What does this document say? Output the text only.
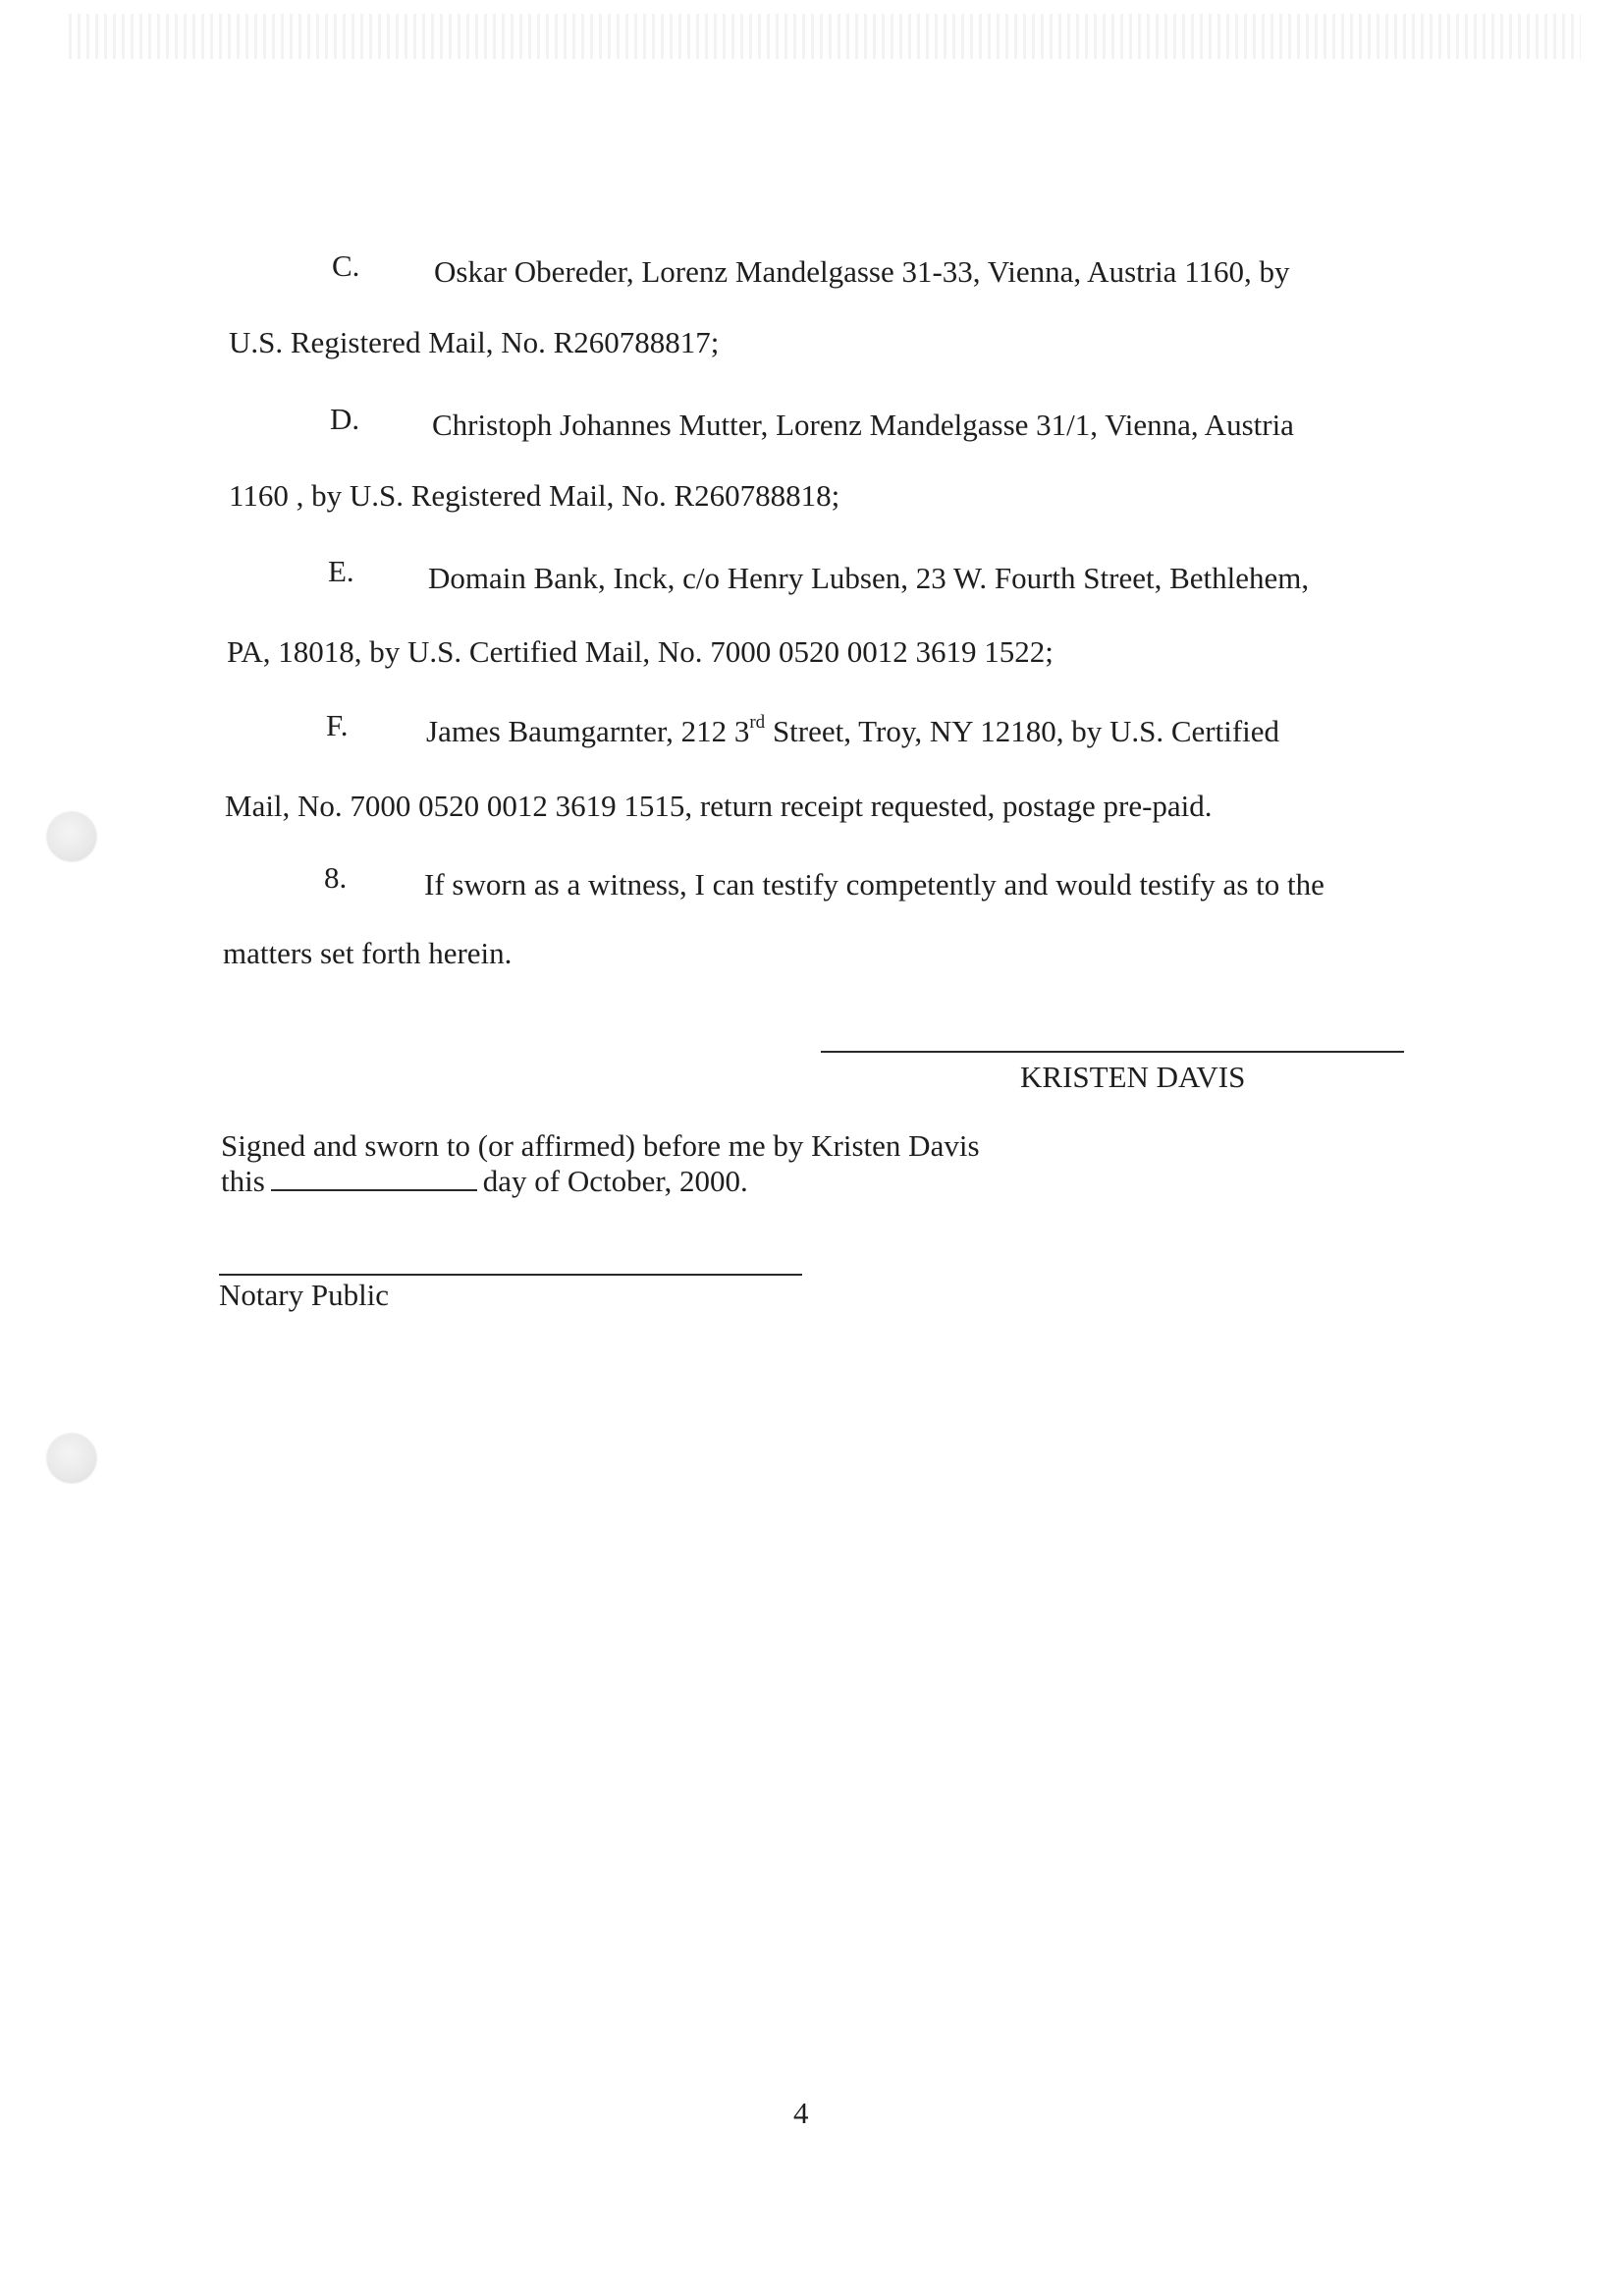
C. Oskar Obereder, Lorenz Mandelgasse 31-33, Vienna, Austria 1160, by
U.S. Registered Mail, No. R260788817;
D. Christoph Johannes Mutter, Lorenz Mandelgasse 31/1, Vienna, Austria
1160 , by U.S. Registered Mail, No. R260788818;
E. Domain Bank, Inck, c/o Henry Lubsen, 23 W. Fourth Street, Bethlehem,
PA, 18018, by U.S. Certified Mail, No. 7000 0520 0012 3619 1522;
F.	James Baumgarnter, 212 3rd Street, Troy, NY 12180, by U.S. Certified
Mail, No. 7000 0520 0012 3619 1515, return receipt requested, postage pre-paid.
8.	If sworn as a witness, I can testify competently and would testify as to the
matters set forth herein.
KRISTEN DAVIS
Signed and sworn to (or affirmed) before me by Kristen Davis
this	day of October, 2000.
Notary Public
4
